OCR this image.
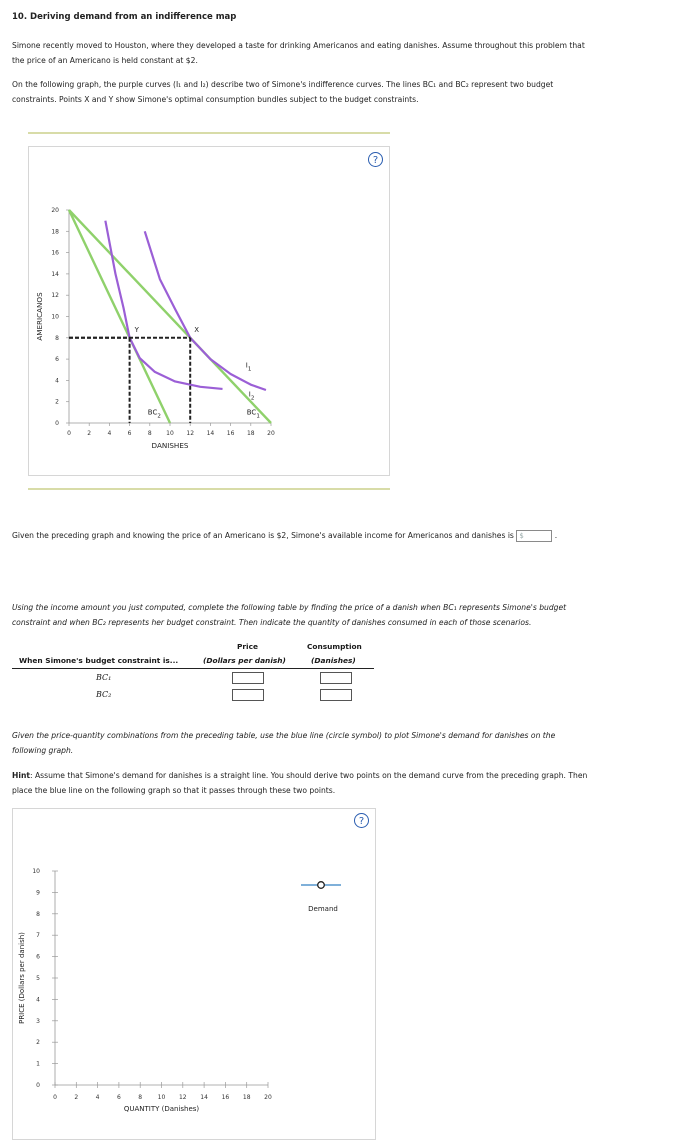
10. Deriving demand from an indifference map
Simone recently moved to Houston, where they developed a taste for drinking Americanos and eating danishes. Assume throughout this problem that
the price of an Americano is held constant at $2.
On the following graph, the purple curves (I₁ and I₂) describe two of Simone's indifference curves. The lines BC₁ and BC₂ represent two budget
constraints. Points X and Y show Simone's optimal consumption bundles subject to the budget constraints.
?
0	2	4	6	8 10 12 14 16 18 20
0
2
4
6
8
10
12
14
16
18
20
DANISHES
AMERICANOS	X
Y
$I_1$
$I_2$
$BC_1$
$BC_2$
Given the preceding graph and knowing the price of an Americano is $2, Simone's available income for Americanos and danishes is $	.
Using the income amount you just computed, complete the following table by finding the price of a danish when BC₁ represents Simone's budget
constraint and when BC₂ represents her budget constraint. Then indicate the quantity of danishes consumed in each of those scenarios.
Price	Consumption
When Simone's budget constraint is...	(Dollars per danish)	(Danishes)
BC₁
BC₂
Given the price-quantity combinations from the preceding table, use the blue line (circle symbol) to plot Simone's demand for danishes on the
following graph.
Hint: Assume that Simone's demand for danishes is a straight line. You should derive two points on the demand curve from the preceding graph. Then
place the blue line on the following graph so that it passes through these two points.
?
0	2	4	6	8	10 12 14 16 18 20
0
1
2
3
4
5
6
7
8
9
10
QUANTITY (Danishes)
PRICE (Dollars per danish)
Demand
